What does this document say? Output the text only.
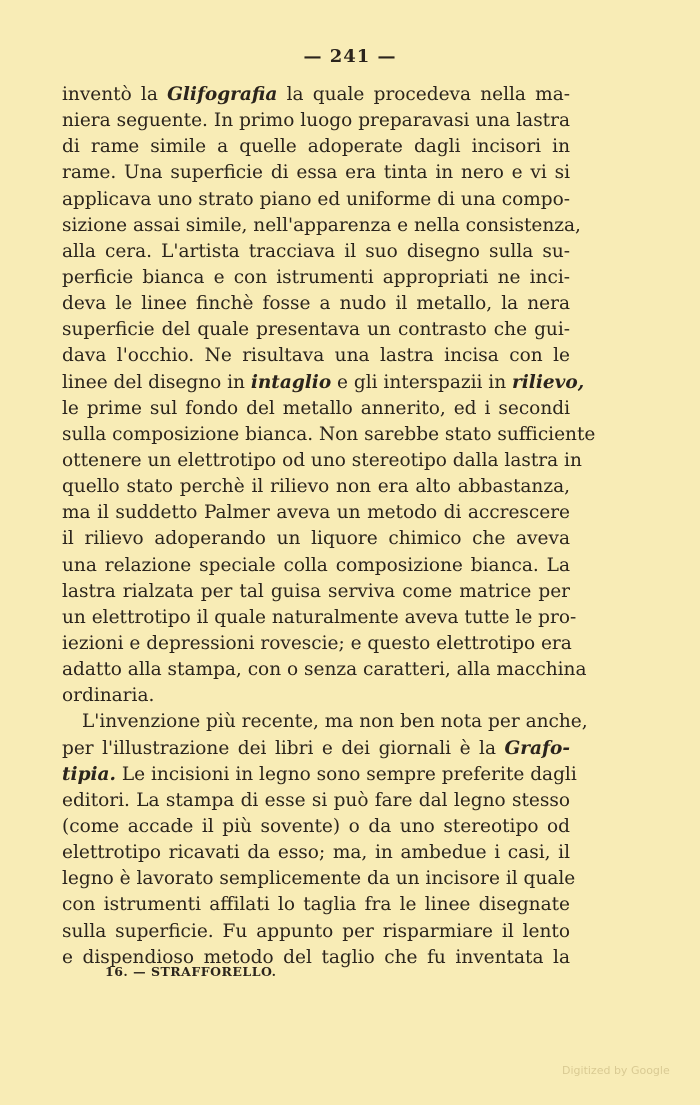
— 241 —
inventò la Glifografia la quale procedeva nella ma-
niera seguente. In primo luogo preparavasi una lastra
di rame simile a quelle adoperate dagli incisori in
rame. Una superficie di essa era tinta in nero e vi si
applicava uno strato piano ed uniforme di una compo-
sizione assai simile, nell'apparenza e nella consistenza,
alla cera. L'artista tracciava il suo disegno sulla su-
perficie bianca e con istrumenti appropriati ne inci-
deva le linee finchè fosse a nudo il metallo, la nera
superficie del quale presentava un contrasto che gui-
dava l'occhio. Ne risultava una lastra incisa con le
linee del disegno in intaglio e gli interspazii in rilievo,
le prime sul fondo del metallo annerito, ed i secondi
sulla composizione bianca. Non sarebbe stato sufficiente
ottenere un elettrotipo od uno stereotipo dalla lastra in
quello stato perchè il rilievo non era alto abbastanza,
ma il suddetto Palmer aveva un metodo di accrescere
il rilievo adoperando un liquore chimico che aveva
una relazione speciale colla composizione bianca. La
lastra rialzata per tal guisa serviva come matrice per
un elettrotipo il quale naturalmente aveva tutte le pro-
iezioni e depressioni rovescie; e questo elettrotipo era
adatto alla stampa, con o senza caratteri, alla macchina
ordinaria.
L'invenzione più recente, ma non ben nota per anche,
per l'illustrazione dei libri e dei giornali è la Grafo-
tipia. Le incisioni in legno sono sempre preferite dagli
editori. La stampa di esse si può fare dal legno stesso
(come accade il più sovente) o da uno stereotipo od
elettrotipo ricavati da esso; ma, in ambedue i casi, il
legno è lavorato semplicemente da un incisore il quale
con istrumenti affilati lo taglia fra le linee disegnate
sulla superficie. Fu appunto per risparmiare il lento
e dispendioso metodo del taglio che fu inventata la
16. — STRAFFORELLO.
Digitized by Google
